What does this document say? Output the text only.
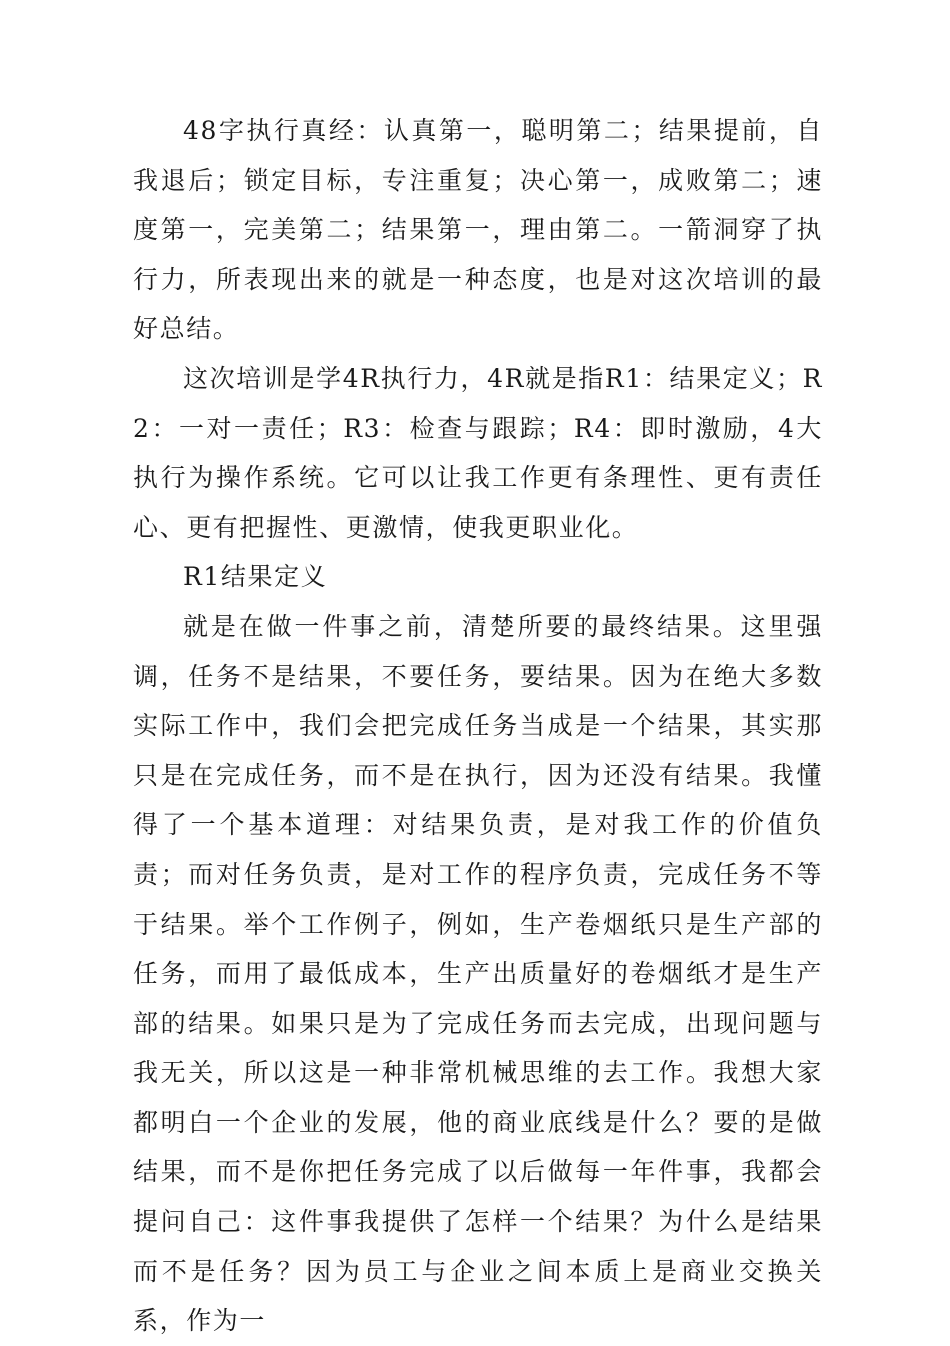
48字执行真经：认真第一，聪明第二；结果提前，自我退后；锁定目标，专注重复；决心第一，成败第二；速度第一，完美第二；结果第一，理由第二。一箭洞穿了执行力，所表现出来的就是一种态度，也是对这次培训的最好总结。

这次培训是学4R执行力，4R就是指R1：结果定义；R2：一对一责任；R3：检查与跟踪；R4：即时激励，4大执行为操作系统。它可以让我工作更有条理性、更有责任心、更有把握性、更激情，使我更职业化。

R1结果定义

就是在做一件事之前，清楚所要的最终结果。这里强调，任务不是结果，不要任务，要结果。因为在绝大多数实际工作中，我们会把完成任务当成是一个结果，其实那只是在完成任务，而不是在执行，因为还没有结果。我懂得了一个基本道理：对结果负责，是对我工作的价值负责；而对任务负责，是对工作的程序负责，完成任务不等于结果。举个工作例子，例如，生产卷烟纸只是生产部的任务，而用了最低成本，生产出质量好的卷烟纸才是生产部的结果。如果只是为了完成任务而去完成，出现问题与我无关，所以这是一种非常机械思维的去工作。我想大家都明白一个企业的发展，他的商业底线是什么？要的是做结果，而不是你把任务完成了以后做每一年件事，我都会提问自己：这件事我提供了怎样一个结果？为什么是结果而不是任务？因为员工与企业之间本质上是商业交换关系，作为一
